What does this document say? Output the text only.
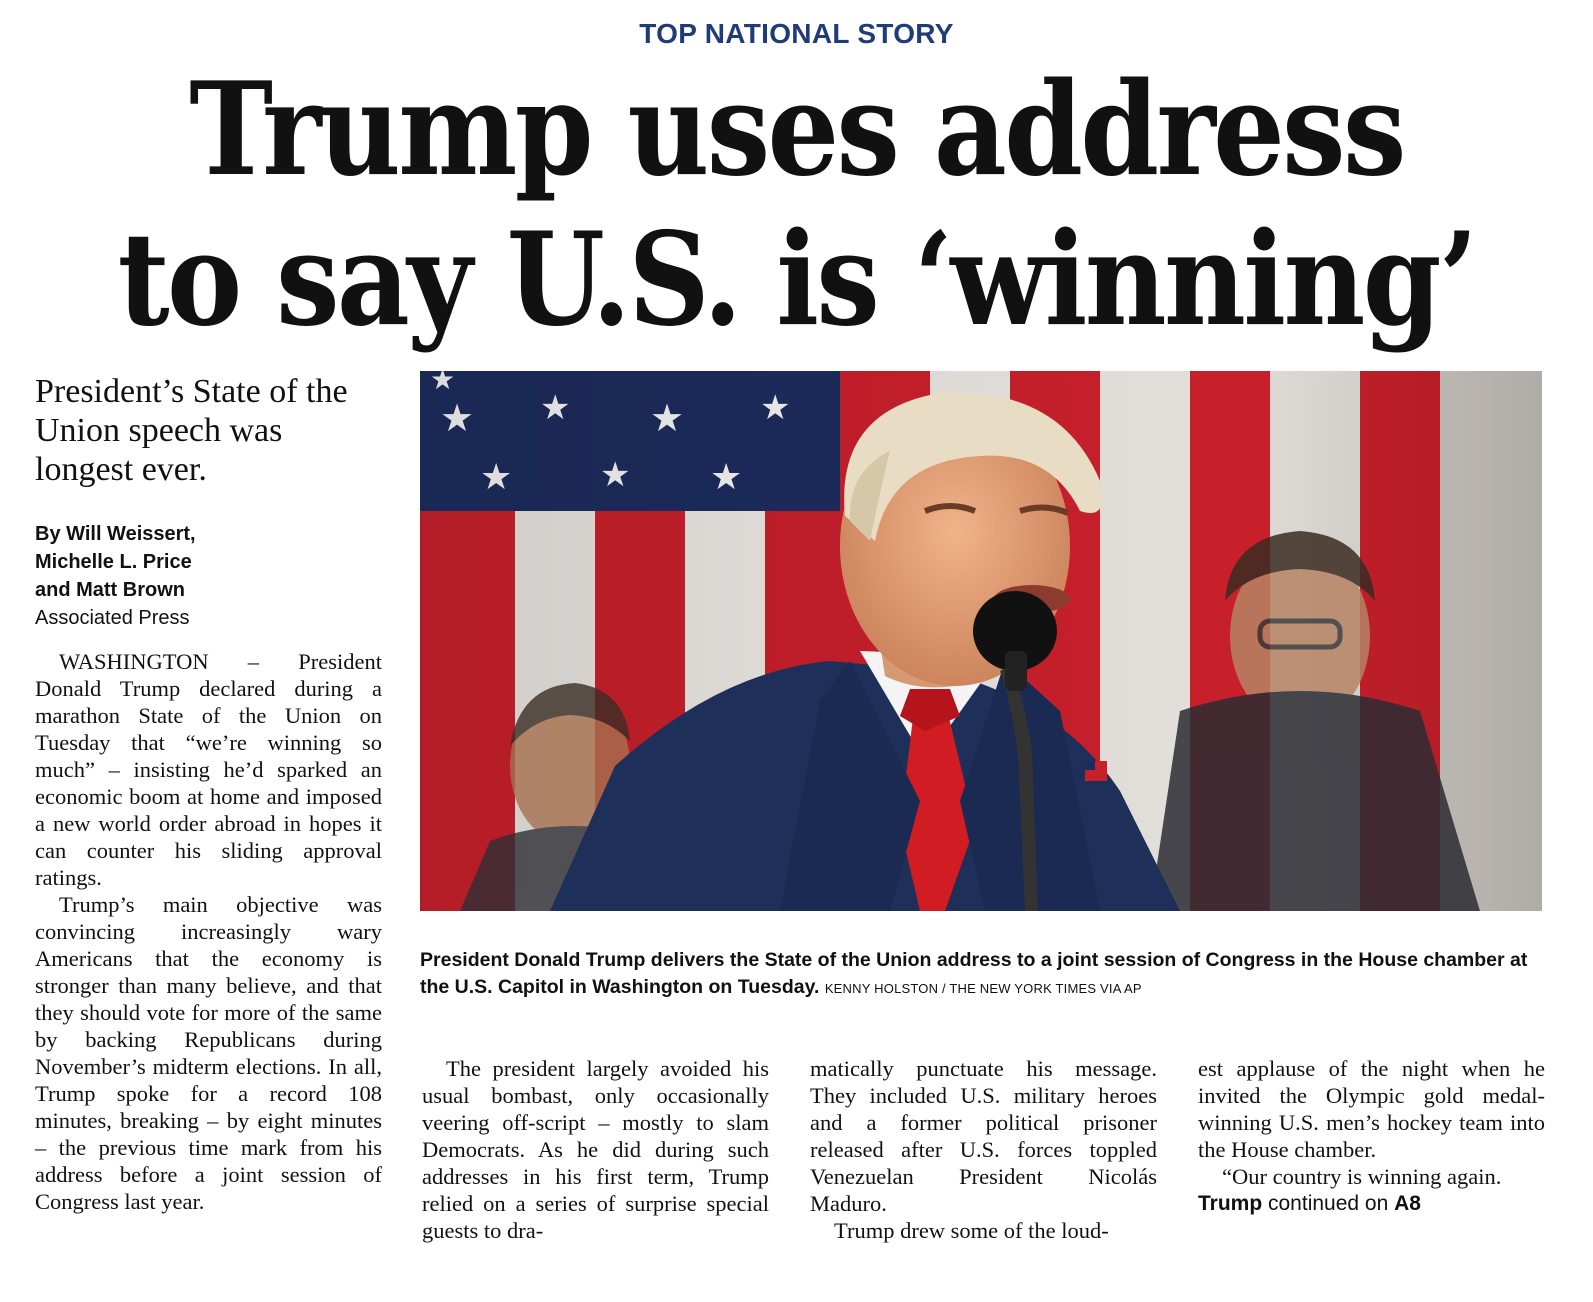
TOP NATIONAL STORY
Trump uses address
to say U.S. is ‘winning’
President’s State of the Union speech was longest ever.
By Will Weissert,
Michelle L. Price
and Matt Brown
Associated Press

WASHINGTON – President Donald Trump declared during a marathon State of the Union on Tuesday that “we’re winning so much” – insisting he’d sparked an economic boom at home and imposed a new world order abroad in hopes it can counter his sliding approval ratings.

Trump’s main objective was convincing increasingly wary Americans that the economy is stronger than many believe, and that they should vote for more of the same by backing Republicans during November’s midterm elections. In all, Trump spoke for a record 108 minutes, breaking – by eight minutes – the previous time mark from his address before a joint session of Congress last year.

President Donald Trump delivers the State of the Union address to a joint session of Congress in the House chamber at the U.S. Capitol in Washington on Tuesday. KENNY HOLSTON / THE NEW YORK TIMES VIA AP

The president largely avoided his usual bombast, only occasionally veering off-script – mostly to slam Democrats. As he did during such addresses in his first term, Trump relied on a series of surprise special guests to dra-

matically punctuate his message. They included U.S. military heroes and a former political prisoner released after U.S. forces toppled Venezuelan President Nicolás Maduro.

Trump drew some of the loud-

est applause of the night when he invited the Olympic gold medal-winning U.S. men’s hockey team into the House chamber.

“Our country is winning again.

Trump continued on A8
